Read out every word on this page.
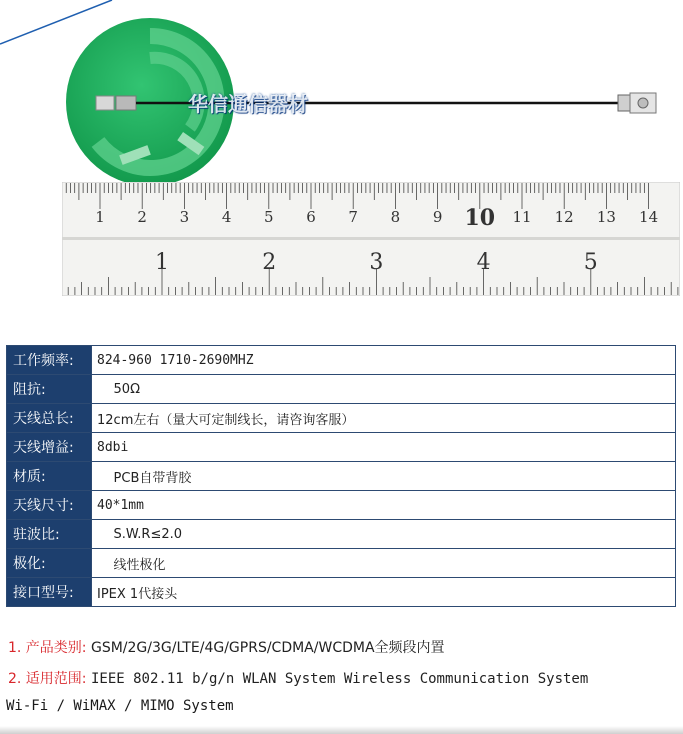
华信通信器材
1 2 3 4 5 6 7 8 9 10 11 12 13 14
1	2	3	4	5
工作频率:	824-960 1710-2690MHZ
阻抗:	50Ω
天线总长:	12cm左右（量大可定制线长，请咨询客服）
天线增益:	8dbi
材质:	PCB自带背胶
天线尺寸:	40*1mm
驻波比:	S.W.R≤2.0
极化:	线性极化
接口型号:	IPEX 1代接头
1. 产品类别: GSM/2G/3G/LTE/4G/GPRS/CDMA/WCDMA全频段内置
2. 适用范围: IEEE 802.11 b/g/n WLAN System Wireless Communication System
Wi-Fi / WiMAX / MIMO System
